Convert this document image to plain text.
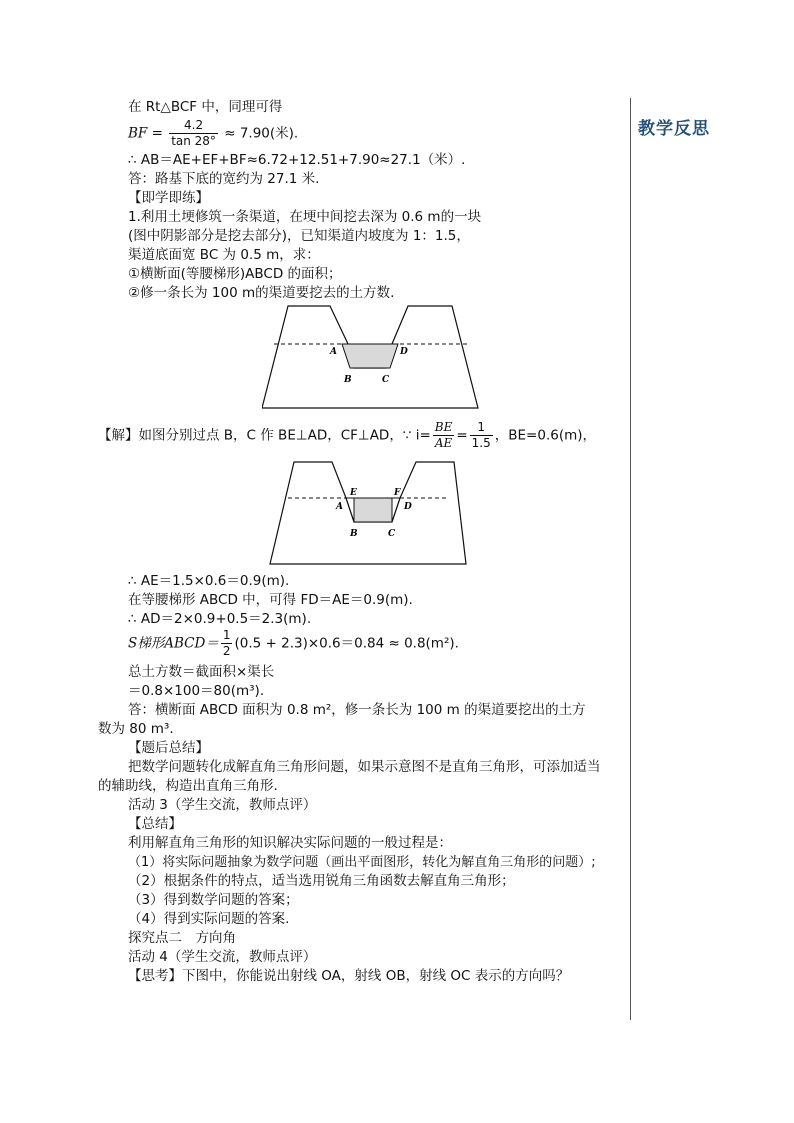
教学反思
在 Rt△BCF 中，同理可得
BF = $\frac{4.2}{\tan 28^\circ} \approx 7.90$(米).
∴ AB＝AE+EF+BF≈6.72+12.51+7.90≈27.1（米）.
答：路基下底的宽约为 27.1 米.
【即学即练】
1.利用土埂修筑一条渠道，在埂中间挖去深为 0.6 m的一块
(图中阴影部分是挖去部分)，已知渠道内坡度为 1：1.5，
渠道底面宽 BC 为 0.5 m，求：
①横断面(等腰梯形)ABCD 的面积；
②修一条长为 100 m的渠道要挖去的土方数.
A	D
B	C
【解】如图分别过点 B，C 作 BE⊥AD，CF⊥AD，∵ $i= \frac{BE}{AE} = \frac{1}{1.5}$ ，BE=0.6(m)，
E	F
A	D
B	C
∴ AE＝1.5×0.6＝0.9(m).
在等腰梯形 ABCD 中，可得 FD＝AE＝0.9(m).
∴ AD＝2×0.9+0.5＝2.3(m).
S梯形ABCD＝ $\frac{1}{2} (0.5 + 2.3)\times 0.6=0.84 \approx 0.8(m^2)$.
总土方数＝截面积×渠长
＝0.8×100＝80(m³).
答：横断面 ABCD 面积为 0.8 m²，修一条长为 100 m 的渠道要挖出的土方
数为 80 m³.
【题后总结】
把数学问题转化成解直角三角形问题，如果示意图不是直角三角形，可添加适当
的辅助线，构造出直角三角形.
活动 3（学生交流，教师点评）
【总结】
利用解直角三角形的知识解决实际问题的一般过程是：
（1）将实际问题抽象为数学问题（画出平面图形，转化为解直角三角形的问题）;
（2）根据条件的特点，适当选用锐角三角函数去解直角三角形；
（3）得到数学问题的答案；
（4）得到实际问题的答案.
探究点二　方向角
活动 4（学生交流，教师点评）
【思考】下图中，你能说出射线 OA，射线 OB，射线 OC 表示的方向吗？
